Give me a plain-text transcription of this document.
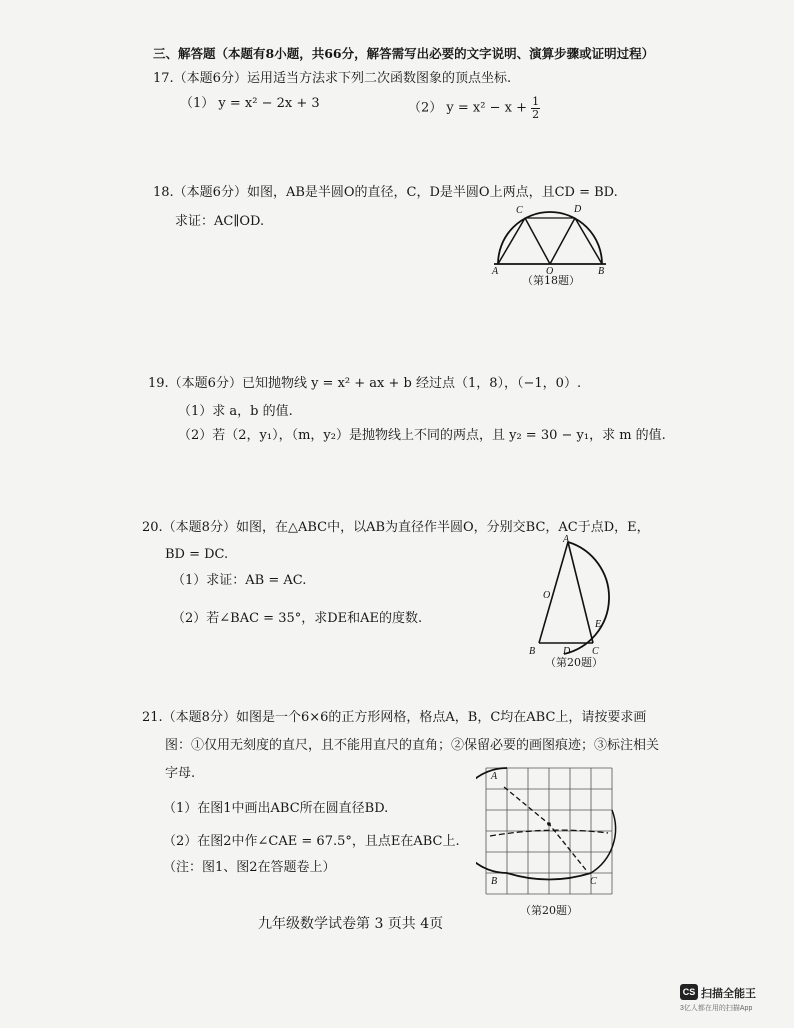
三、解答题（本题有8小题，共66分，解答需写出必要的文字说明、演算步骤或证明过程）
17.（本题6分）运用适当方法求下列二次函数图象的顶点坐标.
（1） y = x² − 2x + 3	（2） $y = x^2 - x + \frac{1}{2}$
18.（本题6分）如图，AB是半圆O的直径，C，D是半圆O上两点，且CD = BD.
求证：AC∥OD.
C	D
A	O	B
（第18题）
19.（本题6分）已知抛物线 y = x² + ax + b 经过点（1，8），（−1，0）.
（1）求 a，b 的值.
（2）若（2，y₁），（m，y₂）是抛物线上不同的两点，且 y₂ = 30 − y₁，求 m 的值.
20.（本题8分）如图，在△ABC中，以AB为直径作半圆O，分别交BC，AC于点D，E，
BD = DC.
（1）求证：AB = AC.
（2）若∠BAC = 35°，求DE和AE的度数.
A
O
E
B	D C
（第20题）
21.（本题8分）如图是一个6×6的正方形网格，格点A，B，C均在ABC上，请按要求画
图：①仅用无刻度的直尺，且不能用直尺的直角；②保留必要的画图痕迹；③标注相关
字母.
（1）在图1中画出ABC所在圆直径BD.
（2）在图2中作∠CAE = 67.5°，且点E在ABC上.
（注：图1、图2在答题卷上）
A
B	C
（第20题）
九年级数学试卷第 3 页共 4页
CS 扫描全能王
3亿人都在用的扫描App
